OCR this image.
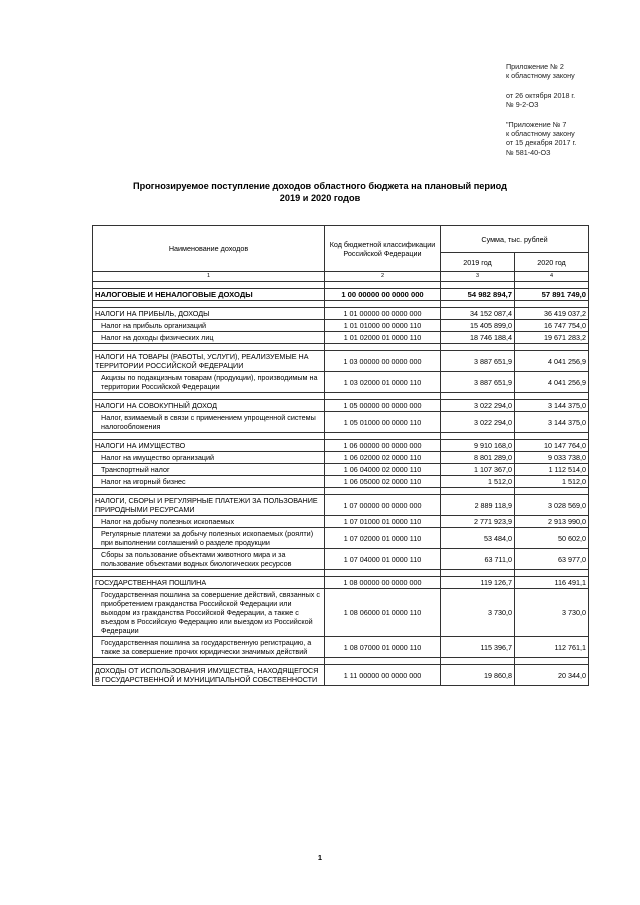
Приложение № 2
к областному закону
от 26 октября 2018 г.
№ 9-2-ОЗ
"Приложение № 7
к областному закону
от 15 декабря 2017 г.
№ 581-40-ОЗ
Прогнозируемое поступление доходов областного бюджета на плановый период
2019 и 2020 годов
Наименование доходов	Код бюджетной классификации Российской Федерации	Сумма, тыс. рублей	
		2019 год	2020 год
1	2	3	4

НАЛОГОВЫЕ И НЕНАЛОГОВЫЕ ДОХОДЫ	1 00 00000 00 0000 000	54 982 894,7	57 891 749,0

НАЛОГИ НА ПРИБЫЛЬ, ДОХОДЫ	1 01 00000 00 0000 000	34 152 087,4	36 419 037,2
Налог на прибыль организаций	1 01 01000 00 0000 110	15 405 899,0	16 747 754,0
Налог на доходы физических лиц	1 01 02000 01 0000 110	18 746 188,4	19 671 283,2

НАЛОГИ НА ТОВАРЫ (РАБОТЫ, УСЛУГИ), РЕАЛИЗУЕМЫЕ НА ТЕРРИТОРИИ РОССИЙСКОЙ ФЕДЕРАЦИИ	1 03 00000 00 0000 000	3 887 651,9	4 041 256,9
Акцизы по подакцизным товарам (продукции), производимым на территории Российской Федерации	1 03 02000 01 0000 110	3 887 651,9	4 041 256,9

НАЛОГИ НА СОВОКУПНЫЙ ДОХОД	1 05 00000 00 0000 000	3 022 294,0	3 144 375,0
Налог, взимаемый в связи с применением упрощенной системы налогообложения	1 05 01000 00 0000 110	3 022 294,0	3 144 375,0

НАЛОГИ НА ИМУЩЕСТВО	1 06 00000 00 0000 000	9 910 168,0	10 147 764,0
Налог на имущество организаций	1 06 02000 02 0000 110	8 801 289,0	9 033 738,0
Транспортный налог	1 06 04000 02 0000 110	1 107 367,0	1 112 514,0
Налог на игорный бизнес	1 06 05000 02 0000 110	1 512,0	1 512,0

НАЛОГИ, СБОРЫ И РЕГУЛЯРНЫЕ ПЛАТЕЖИ ЗА ПОЛЬЗОВАНИЕ ПРИРОДНЫМИ РЕСУРСАМИ	1 07 00000 00 0000 000	2 889 118,9	3 028 569,0
Налог на добычу полезных ископаемых	1 07 01000 01 0000 110	2 771 923,9	2 913 990,0
Регулярные платежи за добычу полезных ископаемых (роялти) при выполнении соглашений о разделе продукции	1 07 02000 01 0000 110	53 484,0	50 602,0
Сборы за пользование объектами животного мира и за пользование объектами водных биологических ресурсов	1 07 04000 01 0000 110	63 711,0	63 977,0

ГОСУДАРСТВЕННАЯ ПОШЛИНА	1 08 00000 00 0000 000	119 126,7	116 491,1
Государственная пошлина за совершение действий, связанных с приобретением гражданства Российской Федерации или выходом из гражданства Российской Федерации, а также с въездом в Российскую Федерацию или выездом из Российской Федерации	1 08 06000 01 0000 110	3 730,0	3 730,0
Государственная пошлина за государственную регистрацию, а также за совершение прочих юридически значимых действий	1 08 07000 01 0000 110	115 396,7	112 761,1

ДОХОДЫ ОТ ИСПОЛЬЗОВАНИЯ ИМУЩЕСТВА, НАХОДЯЩЕГОСЯ В ГОСУДАРСТВЕННОЙ И МУНИЦИПАЛЬНОЙ СОБСТВЕННОСТИ	1 11 00000 00 0000 000	19 860,8	20 344,0
1
